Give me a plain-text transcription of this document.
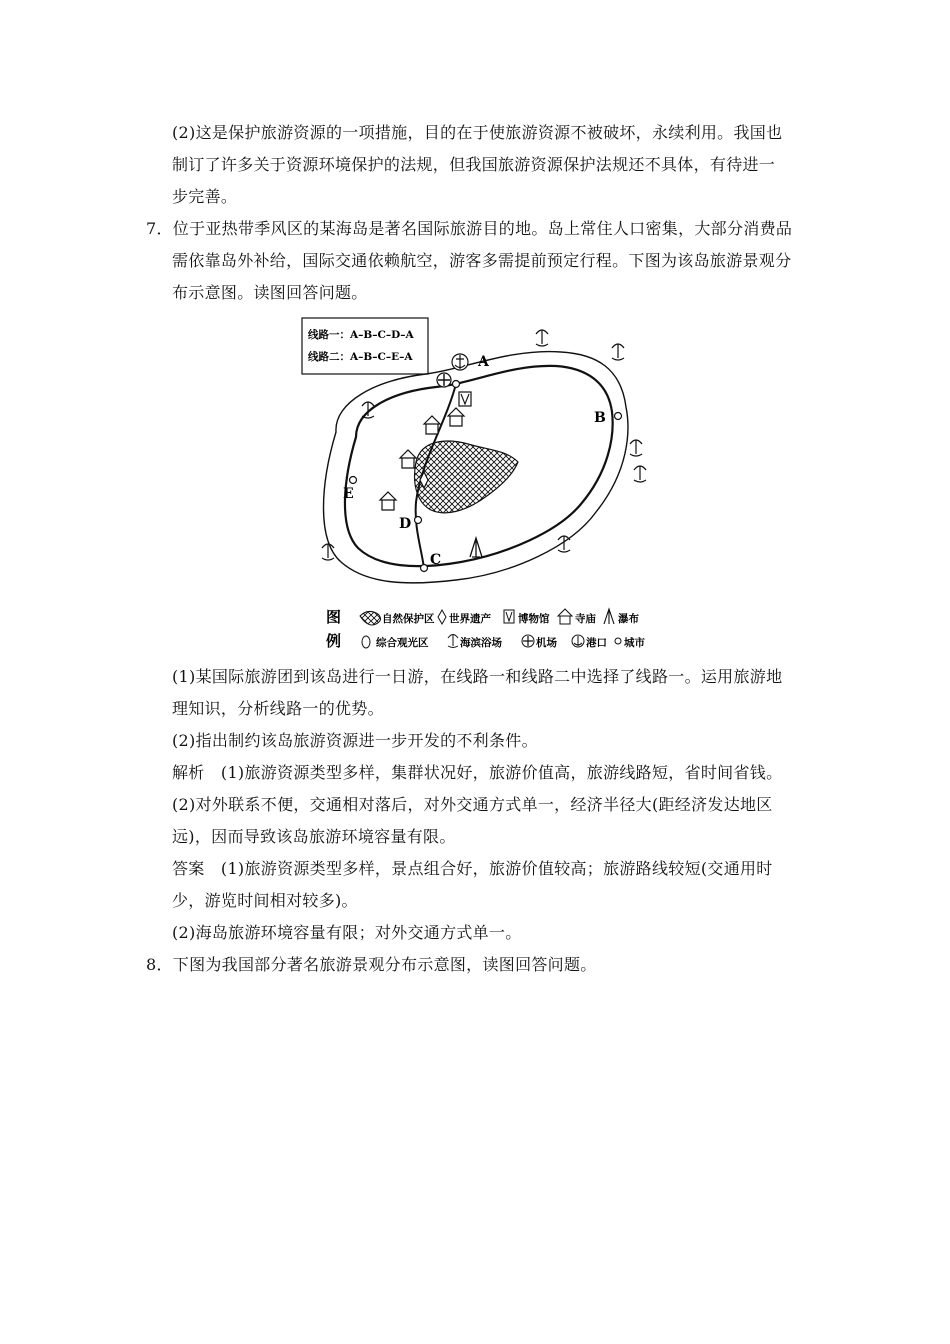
(2)这是保护旅游资源的一项措施，目的在于使旅游资源不被破坏，永续利用。我国也
制订了许多关于资源环境保护的法规，但我国旅游资源保护法规还不具体，有待进一
步完善。
7．位于亚热带季风区的某海岛是著名国际旅游目的地。岛上常住人口密集，大部分消费品
需依靠岛外补给，国际交通依赖航空，游客多需提前预定行程。下图为该岛旅游景观分
布示意图。读图回答问题。
线路一：A–B–C–D–A
线路二：A–B–C–E–A	A
B
C
D
E
图
例
自然保护区 世界遗产	博物馆 寺庙 瀑布
综合观光区	海滨浴场	机场	港口 城市
(1)某国际旅游团到该岛进行一日游，在线路一和线路二中选择了线路一。运用旅游地
理知识，分析线路一的优势。
(2)指出制约该岛旅游资源进一步开发的不利条件。
解析　(1)旅游资源类型多样，集群状况好，旅游价值高，旅游线路短，省时间省钱。
(2)对外联系不便，交通相对落后，对外交通方式单一，经济半径大(距经济发达地区
远)，因而导致该岛旅游环境容量有限。
答案　(1)旅游资源类型多样，景点组合好，旅游价值较高；旅游路线较短(交通用时
少，游览时间相对较多)。
(2)海岛旅游环境容量有限；对外交通方式单一。
8．下图为我国部分著名旅游景观分布示意图，读图回答问题。
